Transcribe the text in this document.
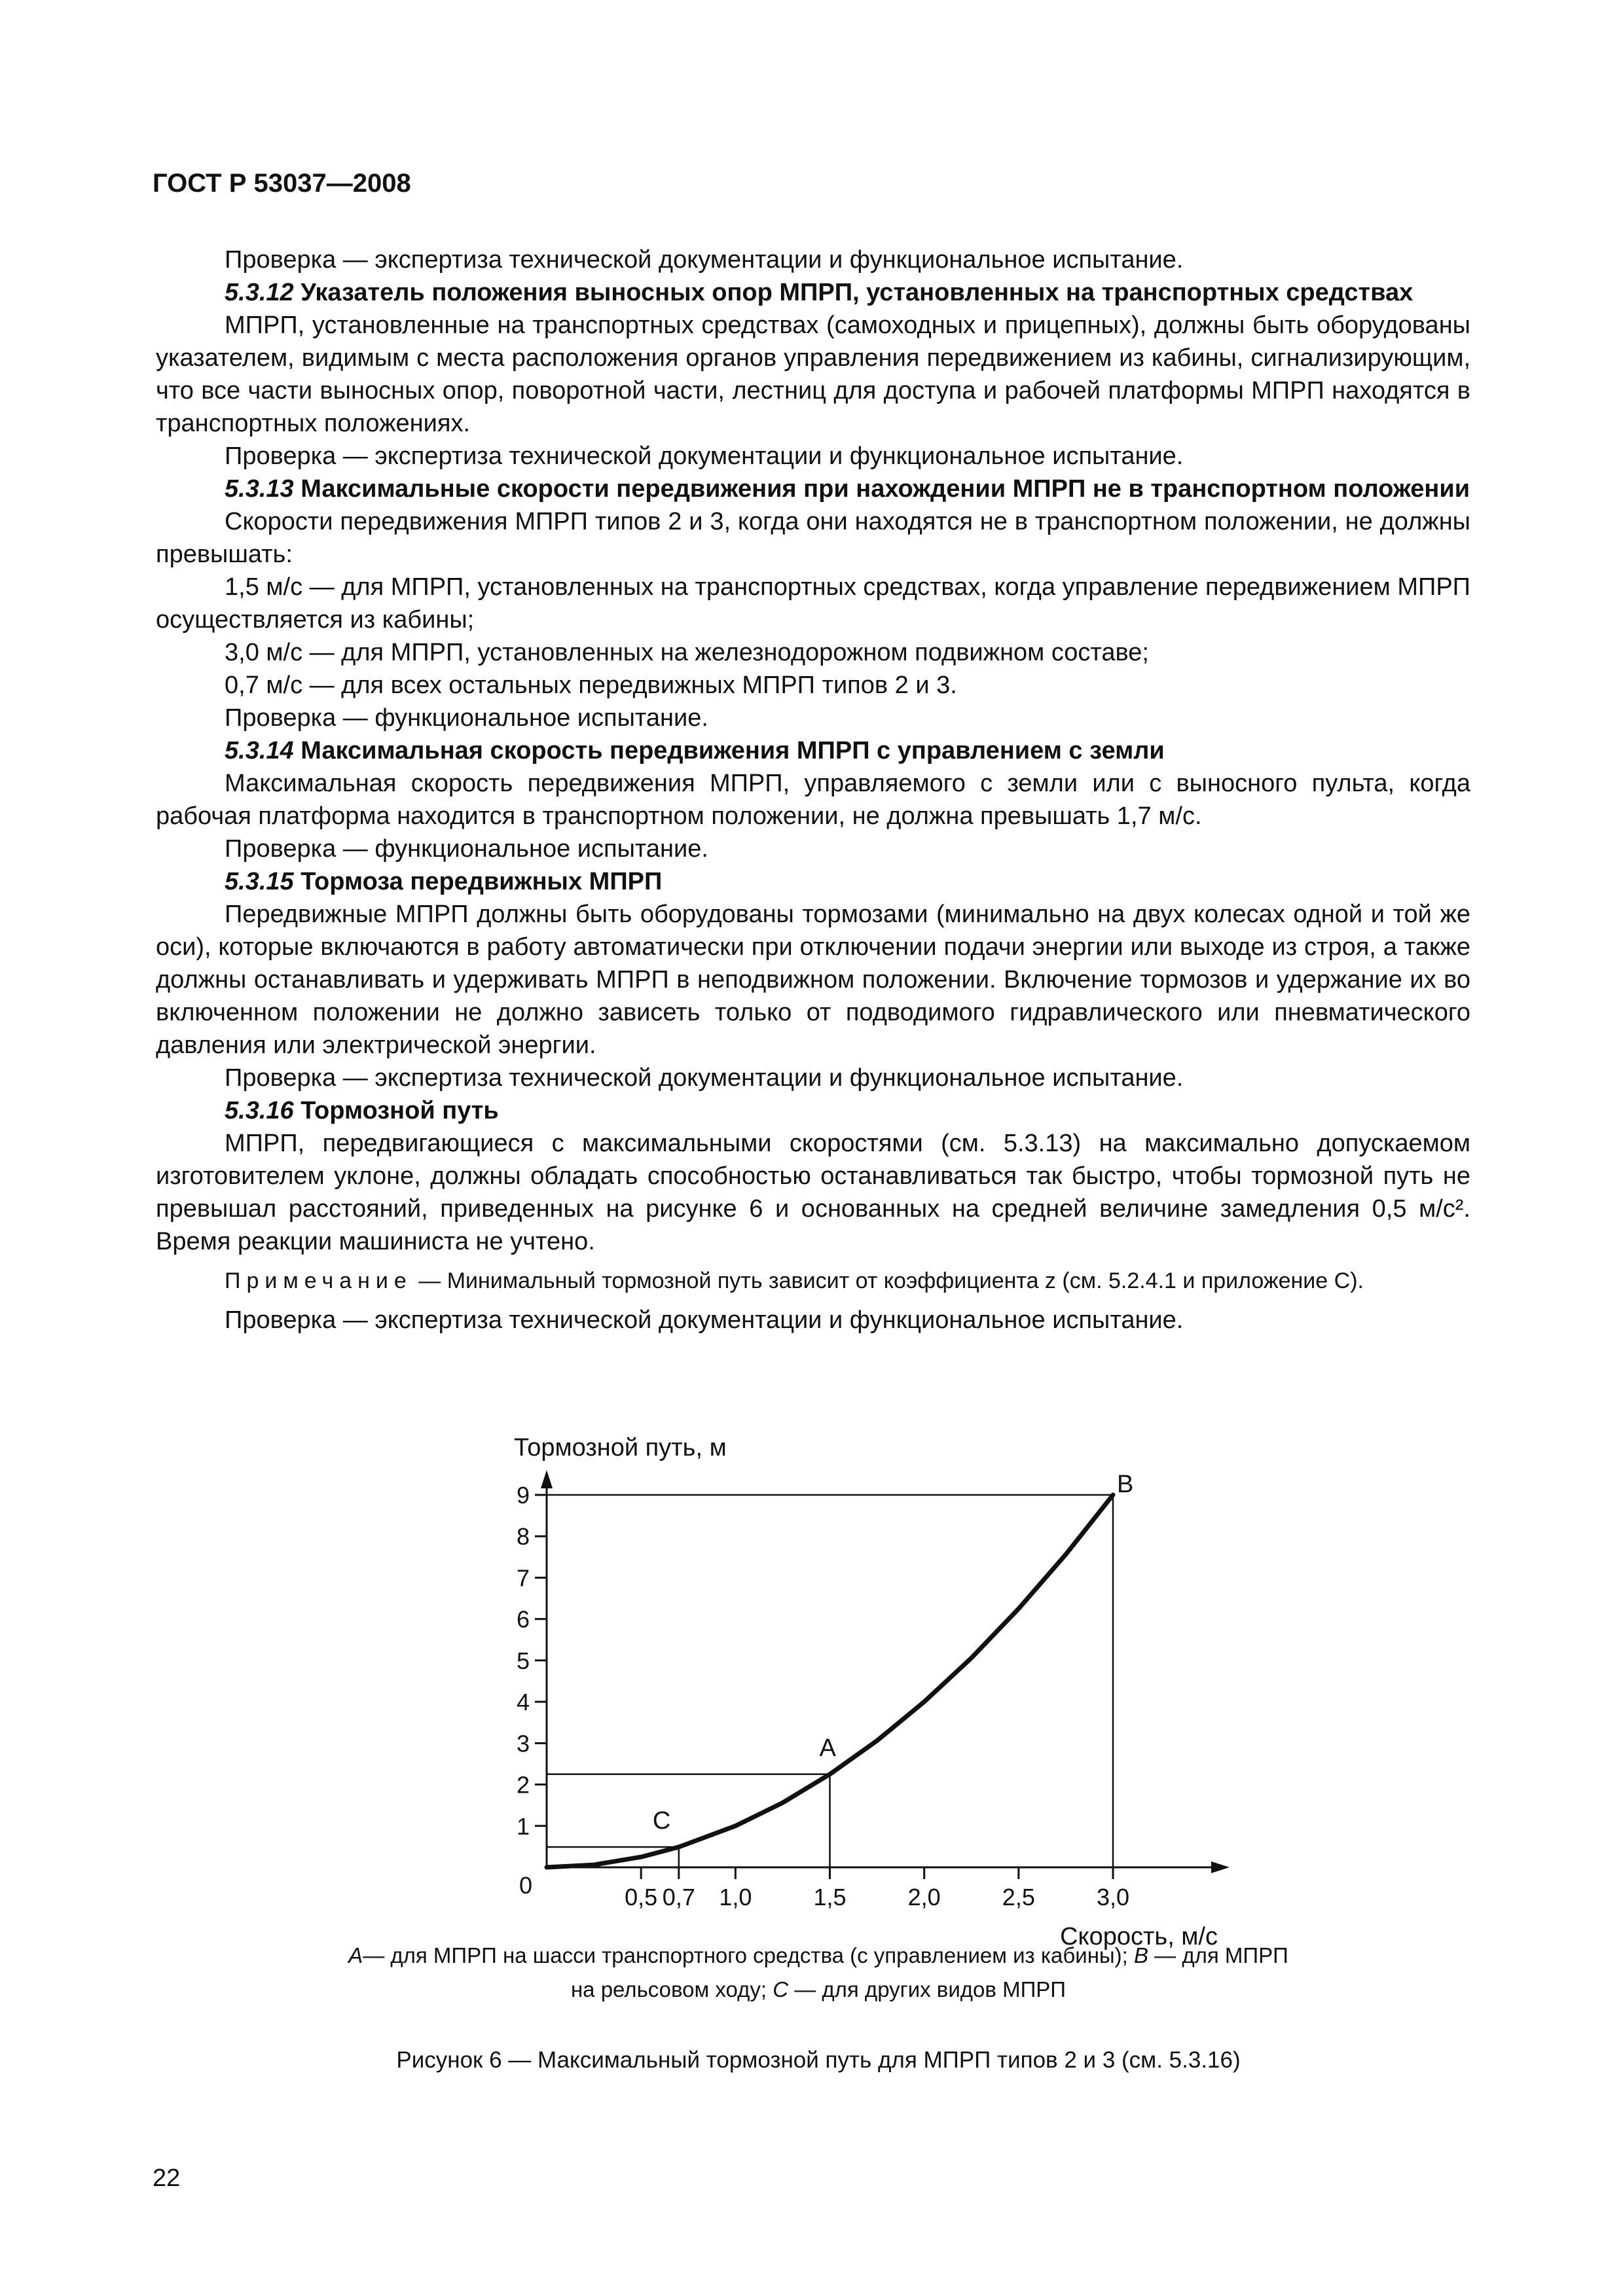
ГОСТ Р 53037—2008

Проверка — экспертиза технической документации и функциональное испытание.

5.3.12 Указатель положения выносных опор МПРП, установленных на транспортных средствах

МПРП, установленные на транспортных средствах (самоходных и прицепных), должны быть оборудованы указателем, видимым с места расположения органов управления передвижением из кабины, сигнализирующим, что все части выносных опор, поворотной части, лестниц для доступа и рабочей платформы МПРП находятся в транспортных положениях.

Проверка — экспертиза технической документации и функциональное испытание.

5.3.13 Максимальные скорости передвижения при нахождении МПРП не в транспортном положении

Скорости передвижения МПРП типов 2 и 3, когда они находятся не в транспортном положении, не должны превышать:

1,5 м/с — для МПРП, установленных на транспортных средствах, когда управление передвижением МПРП осуществляется из кабины;

3,0 м/с — для МПРП, установленных на железнодорожном подвижном составе;

0,7 м/с — для всех остальных передвижных МПРП типов 2 и 3.

Проверка — функциональное испытание.

5.3.14 Максимальная скорость передвижения МПРП с управлением с земли

Максимальная скорость передвижения МПРП, управляемого с земли или с выносного пульта, когда рабочая платформа находится в транспортном положении, не должна превышать 1,7 м/с.

Проверка — функциональное испытание.

5.3.15 Тормоза передвижных МПРП

Передвижные МПРП должны быть оборудованы тормозами (минимально на двух колесах одной и той же оси), которые включаются в работу автоматически при отключении подачи энергии или выходе из строя, а также должны останавливать и удерживать МПРП в неподвижном положении. Включение тормозов и удержание их во включенном положении не должно зависеть только от подводимого гидравлического или пневматического давления или электрической энергии.

Проверка — экспертиза технической документации и функциональное испытание.

5.3.16 Тормозной путь

МПРП, передвигающиеся с максимальными скоростями (см. 5.3.13) на максимально допускаемом изготовителем уклоне, должны обладать способностью останавливаться так быстро, чтобы тормозной путь не превышал расстояний, приведенных на рисунке 6 и основанных на средней величине замедления 0,5 м/с². Время реакции машиниста не учтено.

Примечание — Минимальный тормозной путь зависит от коэффициента z (см. 5.2.4.1 и приложение С).

Проверка — экспертиза технической документации и функциональное испытание.

1
2
3
4
5
6
7
8
9
0,5 0,7 1,0	1,5	2,0	2,5	3,0
0
Тормозной путь, м
Скорость, м/с
C
A
B
А— для МПРП на шасси транспортного средства (с управлением из кабины); В — для МПРП
на рельсовом ходу; С — для других видов МПРП
Рисунок 6 — Максимальный тормозной путь для МПРП типов 2 и 3 (см. 5.3.16)
22
